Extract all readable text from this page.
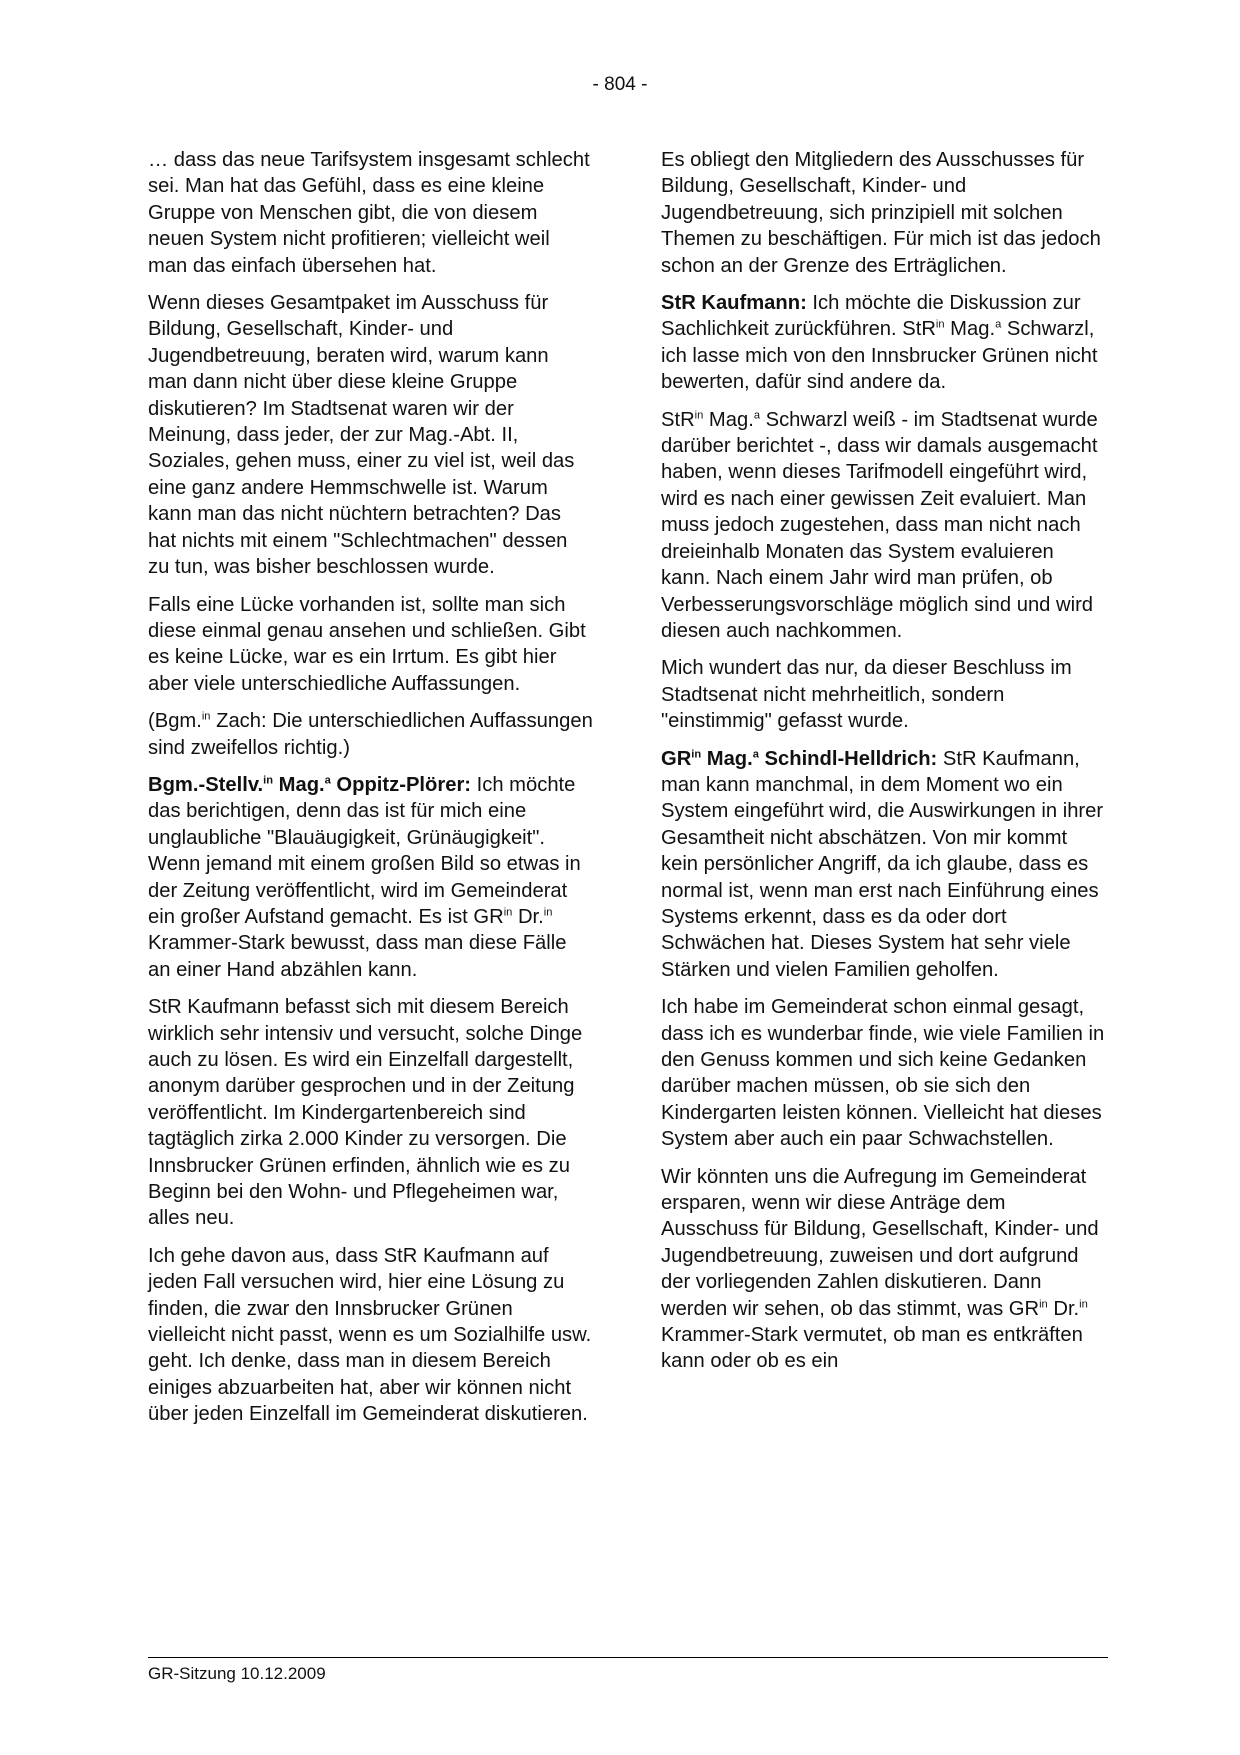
- 804 -

… dass das neue Tarifsystem insgesamt schlecht sei. Man hat das Gefühl, dass es eine kleine Gruppe von Menschen gibt, die von diesem neuen System nicht profitieren; vielleicht weil man das einfach übersehen hat.

Wenn dieses Gesamtpaket im Ausschuss für Bildung, Gesellschaft, Kinder- und Jugendbetreuung, beraten wird, warum kann man dann nicht über diese kleine Gruppe diskutieren? Im Stadtsenat waren wir der Meinung, dass jeder, der zur Mag.-Abt. II, Soziales, gehen muss, einer zu viel ist, weil das eine ganz andere Hemmschwelle ist. Warum kann man das nicht nüchtern betrachten? Das hat nichts mit einem "Schlechtmachen" dessen zu tun, was bisher beschlossen wurde.

Falls eine Lücke vorhanden ist, sollte man sich diese einmal genau ansehen und schließen. Gibt es keine Lücke, war es ein Irrtum. Es gibt hier aber viele unterschiedliche Auffassungen.

(Bgm.$^{in}$ Zach: Die unterschiedlichen Auffassungen sind zweifellos richtig.)

Bgm.-Stellv.$^{in}$ Mag.$^a$ Oppitz-Plörer: Ich möchte das berichtigen, denn das ist für mich eine unglaubliche "Blauäugigkeit, Grünäugigkeit". Wenn jemand mit einem großen Bild so etwas in der Zeitung veröffentlicht, wird im Gemeinderat ein großer Aufstand gemacht. Es ist $GR^{in}$ Dr.$^{in}$ Krammer-Stark bewusst, dass man diese Fälle an einer Hand abzählen kann.

StR Kaufmann befasst sich mit diesem Bereich wirklich sehr intensiv und versucht, solche Dinge auch zu lösen. Es wird ein Einzelfall dargestellt, anonym darüber gesprochen und in der Zeitung veröffentlicht. Im Kindergartenbereich sind tagtäglich zirka 2.000 Kinder zu versorgen. Die Innsbrucker Grünen erfinden, ähnlich wie es zu Beginn bei den Wohn- und Pflegeheimen war, alles neu.

Ich gehe davon aus, dass StR Kaufmann auf jeden Fall versuchen wird, hier eine Lösung zu finden, die zwar den Innsbrucker Grünen vielleicht nicht passt, wenn es um Sozialhilfe usw. geht. Ich denke, dass man in diesem Bereich einiges abzuarbeiten hat, aber wir können nicht über jeden Einzelfall im Gemeinderat diskutieren.

Es obliegt den Mitgliedern des Ausschusses für Bildung, Gesellschaft, Kinder- und Jugendbetreuung, sich prinzipiell mit solchen Themen zu beschäftigen. Für mich ist das jedoch schon an der Grenze des Erträglichen.

StR Kaufmann: Ich möchte die Diskussion zur Sachlichkeit zurückführen. StR$^{in}$ Mag.$^a$ Schwarzl, ich lasse mich von den Innsbrucker Grünen nicht bewerten, dafür sind andere da.

StR$^{in}$ Mag.$^a$ Schwarzl weiß - im Stadtsenat wurde darüber berichtet -, dass wir damals ausgemacht haben, wenn dieses Tarifmodell eingeführt wird, wird es nach einer gewissen Zeit evaluiert. Man muss jedoch zugestehen, dass man nicht nach dreieinhalb Monaten das System evaluieren kann. Nach einem Jahr wird man prüfen, ob Verbesserungsvorschläge möglich sind und wird diesen auch nachkommen.

Mich wundert das nur, da dieser Beschluss im Stadtsenat nicht mehrheitlich, sondern "einstimmig" gefasst wurde.

$GR^{in}$ Mag.$^a$ Schindl-Helldrich: StR Kaufmann, man kann manchmal, in dem Moment wo ein System eingeführt wird, die Auswirkungen in ihrer Gesamtheit nicht abschätzen. Von mir kommt kein persönlicher Angriff, da ich glaube, dass es normal ist, wenn man erst nach Einführung eines Systems erkennt, dass es da oder dort Schwächen hat. Dieses System hat sehr viele Stärken und vielen Familien geholfen.

Ich habe im Gemeinderat schon einmal gesagt, dass ich es wunderbar finde, wie viele Familien in den Genuss kommen und sich keine Gedanken darüber machen müssen, ob sie sich den Kindergarten leisten können. Vielleicht hat dieses System aber auch ein paar Schwachstellen.

Wir könnten uns die Aufregung im Gemeinderat ersparen, wenn wir diese Anträge dem Ausschuss für Bildung, Gesellschaft, Kinder- und Jugendbetreuung, zuweisen und dort aufgrund der vorliegenden Zahlen diskutieren. Dann werden wir sehen, ob das stimmt, was $GR^{in}$ Dr.$^{in}$ Krammer-Stark vermutet, ob man es entkräften kann oder ob es ein

GR-Sitzung 10.12.2009
